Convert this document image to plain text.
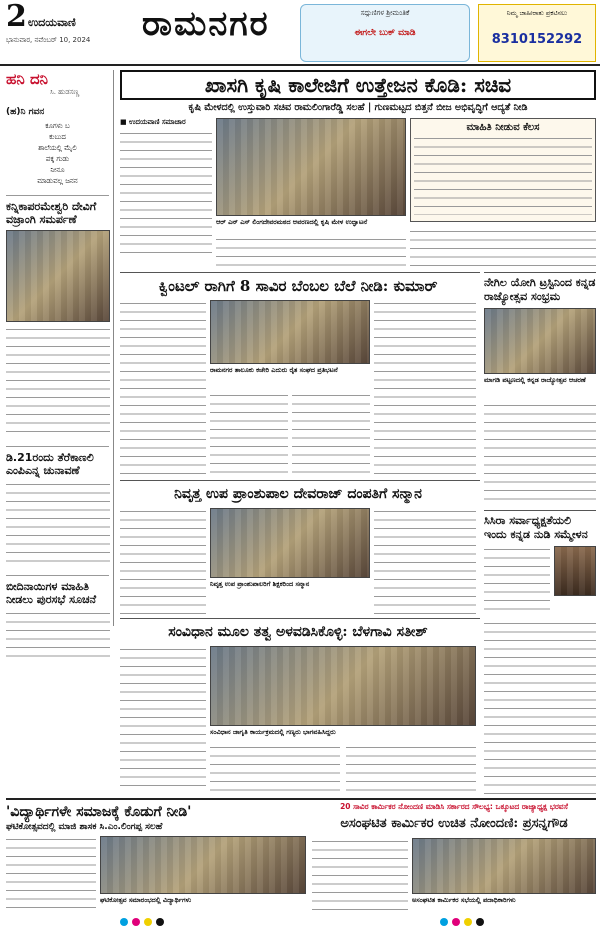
2 ಉದಯವಾಣಿ
ಭಾನುವಾರ, ನವೆಂಬರ್ 10, 2024 ರಾಮನಗರ	ಸದ್ಗುಣಿಗಳ ಶ್ರೀಮಂತಿಕೆ
ಈಗಲೇ ಬುಕ್ ಮಾಡಿ
ನಿಮ್ಮ ಜಾಹೀರಾತು ಪ್ರಕಟಿಸಲು
8310152292
ಹನಿ ದನಿ
ಸಿ. ಹುಡಸಣ್ಣ
(ಹ)ನಿ ಗವನ
ಕೂಗಳು ಬ
ಕುಬುದ
ಶಾಲೆಯಲ್ಲಿ ಮೈಲಿ
ಪಕ್ಕ ಗುಡು
ನೀನೂ
ಮಾಡುವಲ್ಲ ಜನನ
ಕನ್ನಿಕಾಪರಮೇಶ್ವರಿ ದೇವಿಗೆ ವಜ್ರಾಂಗಿ ಸಮರ್ಪಣೆ
ಡಿ.21ರಂದು ತೆರೆಕಾಣಲಿ ಎಂಪಿಎನ್ನ ಚುನಾವಣೆ
ಬೀದಿನಾಯಿಗಳ ಮಾಹಿತಿ ನೀಡಲು ಪುರಸಭೆ ಸೂಚನೆ
ಖಾಸಗಿ ಕೃಷಿ ಕಾಲೇಜಿಗೆ ಉತ್ತೇಜನ ಕೊಡಿ: ಸಚಿವ
ಕೃಷಿ ಮೇಳದಲ್ಲಿ ಉಸ್ತುವಾರಿ ಸಚಿವ ರಾಮಲಿಂಗಾರೆಡ್ಡಿ ಸಲಹೆ | ಗುಣಮಟ್ಟದ ಬಿತ್ತನೆ ಬೀಜ ಅಭಿವೃದ್ಧಿಗೆ ಆದ್ಯತೆ ನೀಡಿ
■ ಉದಯವಾಣಿ ಸಮಾಚಾರ
ಆರ್ ಎನ್ ಎಸ್ ಲಿಂಗದೇವರಮಠದ ಆವರಣದಲ್ಲಿ ಕೃಷಿ ಮೇಳ ಉದ್ಘಾಟನೆ
ಮಾಹಿತಿ ನೀಡುವ ಕೆಲಸ
ಕ್ವಿಂಟಲ್ ರಾಗಿಗೆ 8 ಸಾವಿರ ಬೆಂಬಲ ಬೆಲೆ ನೀಡಿ: ಕುಮಾರ್
ರಾಮನಗರ ತಾಲೂಕು ಕಚೇರಿ ಎದುರು ರೈತ ಸಂಘದ ಪ್ರತಿಭಟನೆ
ನೇಗಿಲ ಯೋಗಿ ಟ್ರಸ್ಟಿನಿಂದ ಕನ್ನಡ ರಾಜ್ಯೋತ್ಸವ ಸಂಭ್ರಮ
ಮಾಗಡಿ ಪಟ್ಟಣದಲ್ಲಿ ಕನ್ನಡ ರಾಜ್ಯೋತ್ಸವ ಆಚರಣೆ
ನಿವೃತ್ತ ಉಪ ಪ್ರಾಂಶುಪಾಲ ದೇವರಾಜ್ ದಂಪತಿಗೆ ಸನ್ಮಾನ
ನಿವೃತ್ತ ಉಪ ಪ್ರಾಂಶುಪಾಲರಿಗೆ ಶಿಕ್ಷಕರಿಂದ ಸನ್ಮಾನ
ಸಿಸಿರಾ ಸರ್ವಾಧ್ಯಕ್ಷತೆಯಲಿ ಇಂದು ಕನ್ನಡ ನುಡಿ ಸಮ್ಮೇಳನ
ಸಂವಿಧಾನ ಮೂಲ ತತ್ವ ಅಳವಡಿಸಿಕೊಳ್ಳಿ: ಬೆಳಗಾವಿ ಸತೀಶ್
ಸಂವಿಧಾನ ಜಾಗೃತಿ ಕಾರ್ಯಕ್ರಮದಲ್ಲಿ ಗಣ್ಯರು ಭಾಗವಹಿಸಿದ್ದರು
'ವಿದ್ಯಾರ್ಥಿಗಳೇ ಸಮಾಜಕ್ಕೆ ಕೊಡುಗೆ ನೀಡಿ'
ಘಟಿಕೋತ್ಸವದಲ್ಲಿ ಮಾಜಿ ಶಾಸಕ ಸಿ.ಎಂ.ಲಿಂಗಪ್ಪ ಸಲಹೆ
ಘಟಿಕೋತ್ಸವ ಸಮಾರಂಭದಲ್ಲಿ ವಿದ್ಯಾರ್ಥಿಗಳು
20 ಸಾವಿರ ಕಾರ್ಮಿಕರ ನೋಂದಣಿ ಮಾಡಿಸಿ ಸರ್ಕಾರದ ಸೌಲಭ್ಯ: ಒಕ್ಕೂಟದ ರಾಜ್ಯಾಧ್ಯಕ್ಷ ಭರವಸೆ
ಅಸಂಘಟಿತ ಕಾರ್ಮಿಕರ ಉಚಿತ ನೋಂದಣಿ: ಪ್ರಸನ್ನಗೌಡ
ಅಸಂಘಟಿತ ಕಾರ್ಮಿಕರ ಸಭೆಯಲ್ಲಿ ಪದಾಧಿಕಾರಿಗಳು
